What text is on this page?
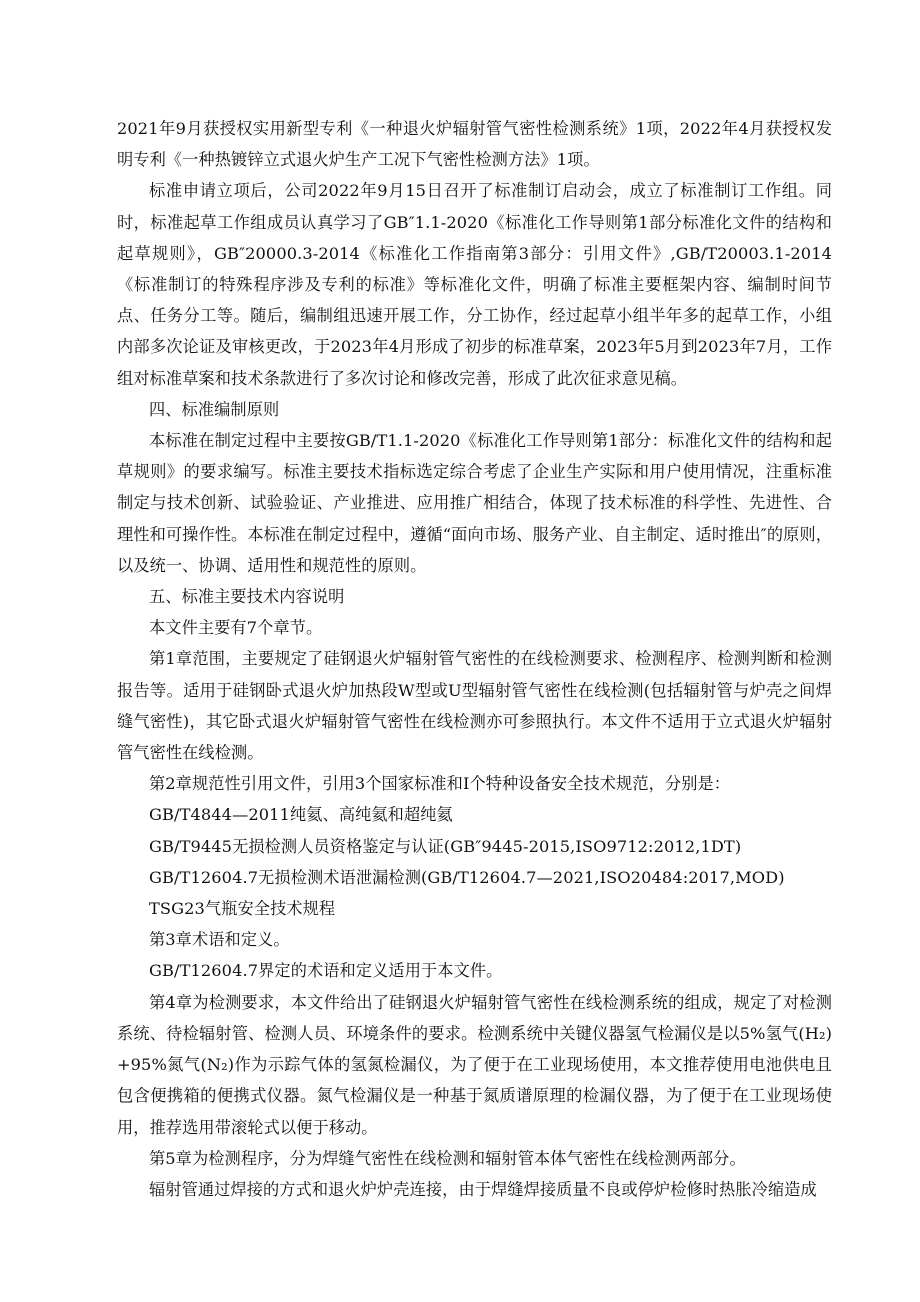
2021年9月获授权实用新型专利《一种退火炉辐射管气密性检测系统》1项，2022年4月获授权发明专利《一种热镀锌立式退火炉生产工况下气密性检测方法》1项。

标准申请立项后，公司2022年9月15日召开了标准制订启动会，成立了标准制订工作组。同时，标准起草工作组成员认真学习了GB″1.1-2020《标准化工作导则第1部分标准化文件的结构和起草规则》，GB″20000.3-2014《标准化工作指南第3部分：引用文件》,GB/T20003.1-2014《标准制订的特殊程序涉及专利的标准》等标准化文件，明确了标准主要框架内容、编制时间节点、任务分工等。随后，编制组迅速开展工作，分工协作，经过起草小组半年多的起草工作，小组内部多次论证及审核更改，于2023年4月形成了初步的标准草案，2023年5月到2023年7月，工作组对标准草案和技术条款进行了多次讨论和修改完善，形成了此次征求意见稿。

四、标准编制原则

本标准在制定过程中主要按GB/T1.1-2020《标准化工作导则第1部分：标准化文件的结构和起草规则》的要求编写。标准主要技术指标选定综合考虑了企业生产实际和用户使用情况，注重标准制定与技术创新、试验验证、产业推进、应用推广相结合，体现了技术标准的科学性、先进性、合理性和可操作性。本标准在制定过程中，遵循“面向市场、服务产业、自主制定、适时推出″的原则，以及统一、协调、适用性和规范性的原则。

五、标准主要技术内容说明

本文件主要有7个章节。

第1章范围，主要规定了硅钢退火炉辐射管气密性的在线检测要求、检测程序、检测判断和检测报告等。适用于硅钢卧式退火炉加热段W型或U型辐射管气密性在线检测(包括辐射管与炉壳之间焊缝气密性)，其它卧式退火炉辐射管气密性在线检测亦可参照执行。本文件不适用于立式退火炉辐射管气密性在线检测。

第2章规范性引用文件，引用3个国家标准和I个特种设备安全技术规范，分别是：

GB/T4844—2011纯氦、高纯氦和超纯氦

GB/T9445无损检测人员资格鉴定与认证(GB″9445-2015,ISO9712:2012,1DT)

GB/T12604.7无损检测术语泄漏检测(GB/T12604.7—2021,ISO20484:2017,MOD)

TSG23气瓶安全技术规程

第3章术语和定义。

GB/T12604.7界定的术语和定义适用于本文件。

第4章为检测要求，本文件给出了硅钢退火炉辐射管气密性在线检测系统的组成，规定了对检测系统、待检辐射管、检测人员、环境条件的要求。检测系统中关键仪器氢气检漏仪是以5%氢气(H₂)+95%氮气(N₂)作为示踪气体的氢氮检漏仪，为了便于在工业现场使用，本文推荐使用电池供电且包含便携箱的便携式仪器。氮气检漏仪是一种基于氮质谱原理的检漏仪器，为了便于在工业现场使用，推荐选用带滚轮式以便于移动。

第5章为检测程序，分为焊缝气密性在线检测和辐射管本体气密性在线检测两部分。

辐射管通过焊接的方式和退火炉炉壳连接，由于焊缝焊接质量不良或停炉检修时热胀冷缩造成
